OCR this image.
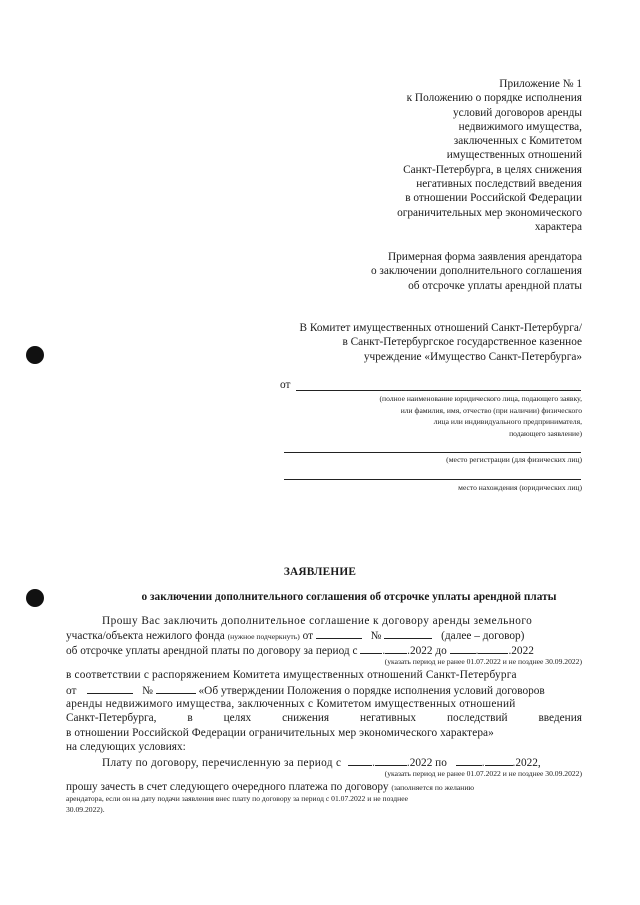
Приложение № 1
к Положению о порядке исполнения
условий договоров аренды
недвижимого имущества,
заключенных с Комитетом
имущественных отношений
Санкт-Петербурга, в целях снижения
негативных последствий введения
в отношении Российской Федерации
ограничительных мер экономического
характера
Примерная форма заявления арендатора
о заключении дополнительного соглашения
об отсрочке уплаты арендной платы
В Комитет имущественных отношений Санкт-Петербурга/
в Санкт-Петербургское государственное казенное
учреждение «Имущество Санкт-Петербурга»
от
(полное наименование юридического лица, подающего заявку,
или фамилия, имя, отчество (при наличии) физического
лица или индивидуального предпринимателя,
подающего заявление)
(место регистрации (для физических лиц)
место нахождения (юридических лиц)
ЗАЯВЛЕНИЕ
о заключении дополнительного соглашения об отсрочке уплаты арендной платы
Прошу Вас заключить дополнительное соглашение к договору аренды земельного
участка/объекта нежилого фонда (нужное подчеркнуть) от	№	(далее – договор)
об отсрочке уплаты арендной платы по договору за период с . .2022 до	.	.2022
(указать период не ранее 01.07.2022 и не позднее 30.09.2022)
в соответствии с распоряжением Комитета имущественных отношений Санкт-Петербурга
от	№	«Об утверждении Положения о порядке исполнения условий договоров
аренды недвижимого имущества, заключенных с Комитетом имущественных отношений
Санкт-Петербурга,	в	целях	снижения	негативных	последствий	введения
в отношении Российской Федерации ограничительных мер экономического характера»
на следующих условиях:
Плату по договору, перечисленную за период с	.	.2022 по	. .2022,
(указать период не ранее 01.07.2022 и не позднее 30.09.2022)
прошу зачесть в счет следующего очередного платежа по договору (заполняется по желанию
арендатора, если он на дату подачи заявления внес плату по договору за период с 01.07.2022 и не позднее
30.09.2022).
